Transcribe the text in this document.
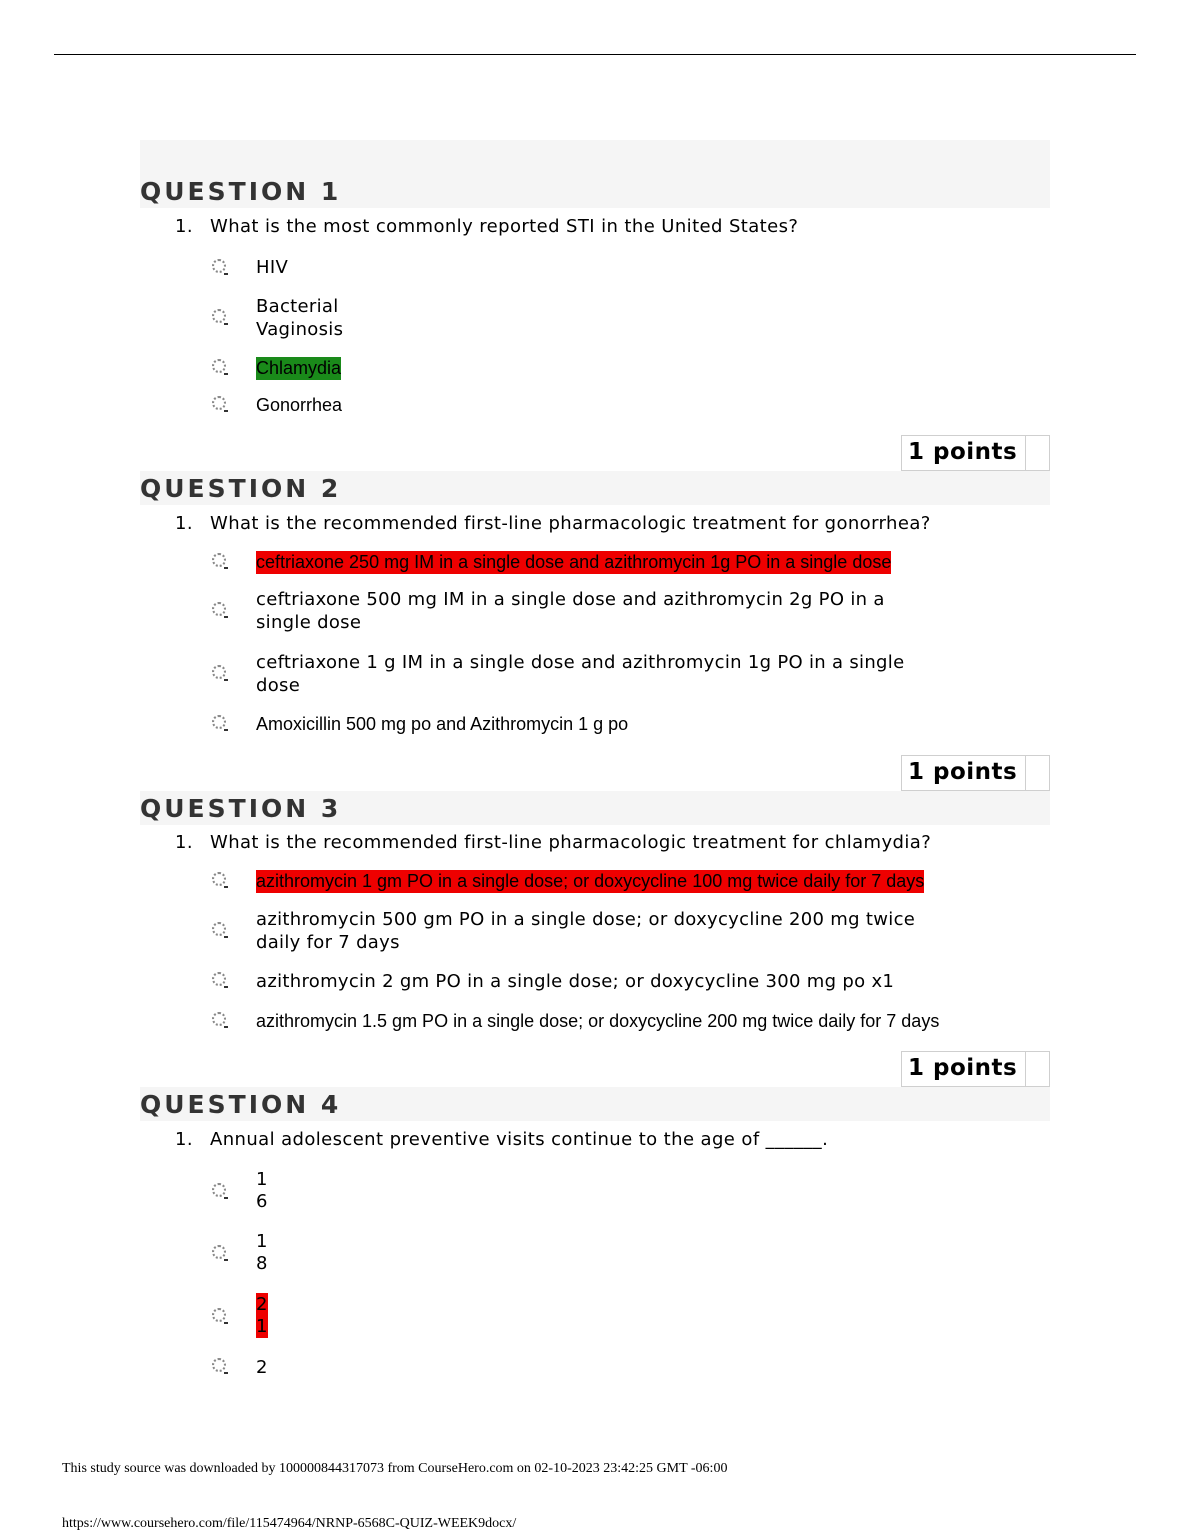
QUESTION 1
1. What is the most commonly reported STI in the United States?
HIV
Bacterial
Vaginosis
Chlamydia
Gonorrhea
1 points
QUESTION 2
1. What is the recommended first-line pharmacologic treatment for gonorrhea?
ceftriaxone 250 mg IM in a single dose and azithromycin 1g PO in a single dose
ceftriaxone 500 mg IM in a single dose and azithromycin 2g PO in a
single dose
ceftriaxone 1 g IM in a single dose and azithromycin 1g PO in a single
dose
Amoxicillin 500 mg po and Azithromycin 1 g po
1 points
QUESTION 3
1. What is the recommended first-line pharmacologic treatment for chlamydia?
azithromycin 1 gm PO in a single dose; or doxycycline 100 mg twice daily for 7 days
azithromycin 500 gm PO in a single dose; or doxycycline 200 mg twice
daily for 7 days
azithromycin 2 gm PO in a single dose; or doxycycline 300 mg po x1
azithromycin 1.5 gm PO in a single dose; or doxycycline 200 mg twice daily for 7 days
1 points
QUESTION 4
1. Annual adolescent preventive visits continue to the age of ______.
1
6
1
8
2
1
2
This study source was downloaded by 100000844317073 from CourseHero.com on 02-10-2023 23:42:25 GMT -06:00
https://www.coursehero.com/file/115474964/NRNP-6568C-QUIZ-WEEK9docx/
